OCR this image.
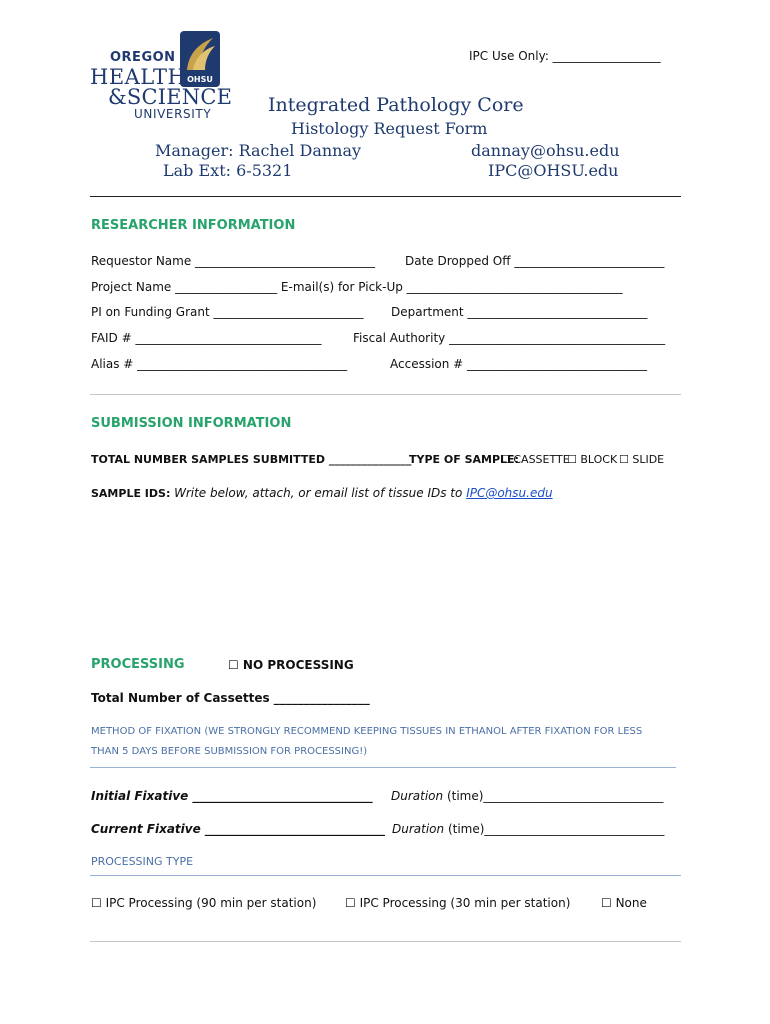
OHSU
OREGON
HEALTH
&SCIENCE
UNIVERSITY
IPC Use Only: __________________
Integrated Pathology Core
Histology Request Form
Manager: Rachel Dannay
Lab Ext: 6-5321
dannay@ohsu.edu
IPC@OHSU.edu
RESEARCHER INFORMATION
Requestor Name ______________________________ Date Dropped Off _________________________
Project Name _________________ E-mail(s) for Pick-Up ____________________________________
PI on Funding Grant _________________________ Department ______________________________
FAID # _______________________________	Fiscal Authority ____________________________________
Alias # ___________________________________	Accession # ______________________________
SUBMISSION INFORMATION
TOTAL NUMBER SAMPLES SUBMITTED _______________
TYPE OF SAMPLE:
☐ CASSETTE
☐ BLOCK ☐ SLIDE
SAMPLE IDS: Write below, attach, or email list of tissue IDs to IPC@ohsu.edu
PROCESSING	☐ NO PROCESSING
Total Number of Cassettes ________________
METHOD OF FIXATION (WE STRONGLY RECOMMEND KEEPING TISSUES IN ETHANOL AFTER FIXATION FOR LESS
THAN 5 DAYS BEFORE SUBMISSION FOR PROCESSING!)
Initial Fixative ______________________________ Duration (time)______________________________
Current Fixative ______________________________ Duration (time)______________________________
PROCESSING TYPE
☐ IPC Processing (90 min per station) ☐ IPC Processing (30 min per station)	☐ None
